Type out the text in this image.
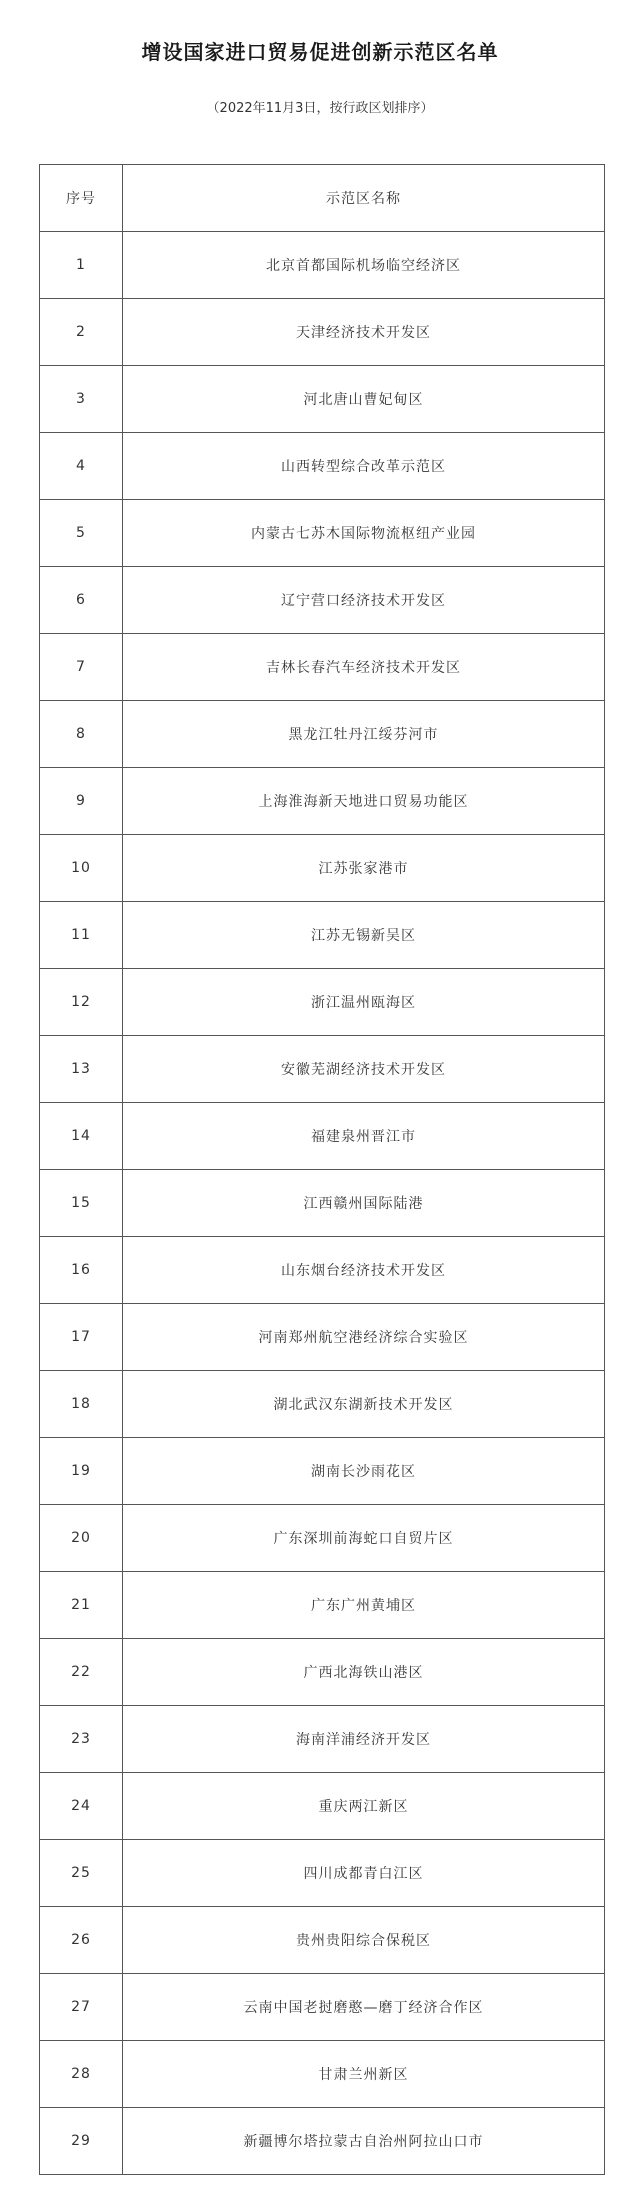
增设国家进口贸易促进创新示范区名单
（2022年11月3日，按行政区划排序）
序号	示范区名称
1	北京首都国际机场临空经济区
2	天津经济技术开发区
3	河北唐山曹妃甸区
4	山西转型综合改革示范区
5	内蒙古七苏木国际物流枢纽产业园
6	辽宁营口经济技术开发区
7	吉林长春汽车经济技术开发区
8	黑龙江牡丹江绥芬河市
9	上海淮海新天地进口贸易功能区
10	江苏张家港市
11	江苏无锡新吴区
12	浙江温州瓯海区
13	安徽芜湖经济技术开发区
14	福建泉州晋江市
15	江西赣州国际陆港
16	山东烟台经济技术开发区
17	河南郑州航空港经济综合实验区
18	湖北武汉东湖新技术开发区
19	湖南长沙雨花区
20	广东深圳前海蛇口自贸片区
21	广东广州黄埔区
22	广西北海铁山港区
23	海南洋浦经济开发区
24	重庆两江新区
25	四川成都青白江区
26	贵州贵阳综合保税区
27	云南中国老挝磨憨—磨丁经济合作区
28	甘肃兰州新区
29	新疆博尔塔拉蒙古自治州阿拉山口市
